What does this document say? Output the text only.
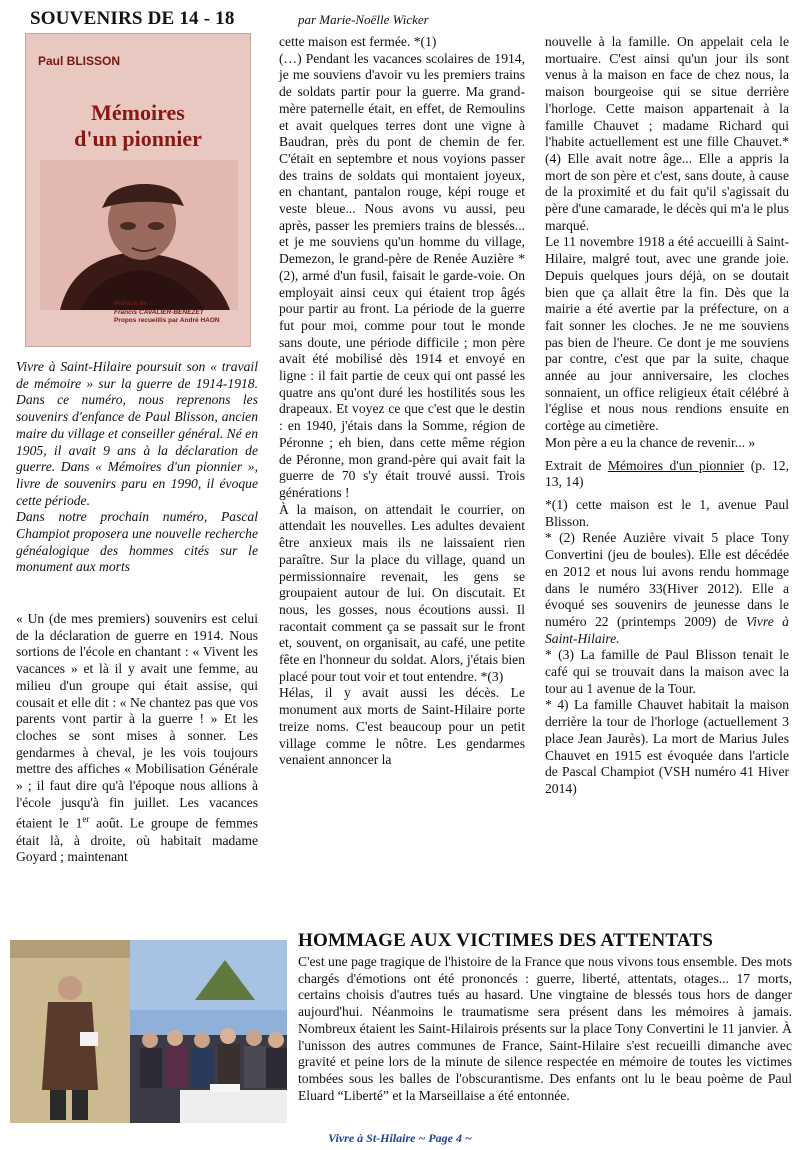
SOUVENIRS DE 14 - 18	par Marie-Noëlle Wicker
Paul BLISSON
Mémoires
d'un pionnier
Préface de :
Francis CAVALIER-BENEZET
Propos recueillis par André HAON

Vivre à Saint-Hilaire poursuit son « travail de mémoire » sur la guerre de 1914-1918. Dans ce numéro, nous reprenons les souvenirs d'enfance de Paul Blisson, ancien maire du village et conseiller général. Né en 1905, il avait 9 ans à la déclaration de guerre. Dans « Mémoires d'un pionnier », livre de souvenirs paru en 1990, il évoque cette période.

Dans notre prochain numéro, Pascal Champiot proposera une nouvelle recherche généalogique des hommes cités sur le monument aux morts

« Un (de mes premiers) souvenirs est celui de la déclaration de guerre en 1914. Nous sortions de l'école en chantant : « Vivent les vacances » et là il y avait une femme, au milieu d'un groupe qui était assise, qui cousait et elle dit : « Ne chantez pas que vos parents vont partir à la guerre ! » Et les cloches se sont mises à sonner. Les gendarmes à cheval, je les vois toujours mettre des affiches « Mobilisation Générale » ; il faut dire qu'à l'époque nous allions à l'école jusqu'à fin juillet. Les vacances étaient le 1er août. Le groupe de femmes était là, à droite, où habitait madame Goyard ; maintenant

cette maison est fermée. *(1)

(…) Pendant les vacances scolaires de 1914, je me souviens d'avoir vu les premiers trains de soldats partir pour la guerre. Ma grand-mère paternelle était, en effet, de Remoulins et avait quelques terres dont une vigne à Baudran, près du pont de chemin de fer. C'était en septembre et nous voyions passer des trains de soldats qui montaient joyeux, en chantant, pantalon rouge, képi rouge et veste bleue... Nous avons vu aussi, peu après, passer les premiers trains de blessés... et je me souviens qu'un homme du village, Demezon, le grand-père de Renée Auzière *(2), armé d'un fusil, faisait le garde-voie. On employait ainsi ceux qui étaient trop âgés pour partir au front. La période de la guerre fut pour moi, comme pour tout le monde sans doute, une période difficile ; mon père avait été mobilisé dès 1914 et envoyé en ligne : il fait partie de ceux qui ont passé les quatre ans qu'ont duré les hostilités sous les drapeaux. Et voyez ce que c'est que le destin : en 1940, j'étais dans la Somme, région de Péronne ; eh bien, dans cette même région de Péronne, mon grand-père qui avait fait la guerre de 70 s'y était trouvé aussi. Trois générations !

À la maison, on attendait le courrier, on attendait les nouvelles. Les adultes devaient être anxieux mais ils ne laissaient rien paraître. Sur la place du village, quand un permissionnaire revenait, les gens se groupaient autour de lui. On discutait. Et nous, les gosses, nous écoutions aussi. Il racontait comment ça se passait sur le front et, souvent, on organisait, au café, une petite fête en l'honneur du soldat. Alors, j'étais bien placé pour tout voir et tout entendre. *(3)

Hélas, il y avait aussi les décès. Le monument aux morts de Saint-Hilaire porte treize noms. C'est beaucoup pour un petit village comme le nôtre. Les gendarmes venaient annoncer la

nouvelle à la famille. On appelait cela le mortuaire. C'est ainsi qu'un jour ils sont venus à la maison en face de chez nous, la maison bourgeoise qui se situe derrière l'horloge. Cette maison appartenait à la famille Chauvet ; madame Richard qui l'habite actuellement est une fille Chauvet.* (4) Elle avait notre âge... Elle a appris la mort de son père et c'est, sans doute, à cause de la proximité et du fait qu'il s'agissait du père d'une camarade, le décès qui m'a le plus marqué.

Le 11 novembre 1918 a été accueilli à Saint-Hilaire, malgré tout, avec une grande joie. Depuis quelques jours déjà, on se doutait bien que ça allait être la fin. Dès que la mairie a été avertie par la préfecture, on a fait sonner les cloches. Je ne me souviens pas bien de l'heure. Ce dont je me souviens par contre, c'est que par la suite, chaque année au jour anniversaire, les cloches sonnaient, un office religieux était célébré à l'église et nous nous rendions ensuite en cortège au cimetière.

Mon père a eu la chance de revenir... »

Extrait de Mémoires d'un pionnier (p. 12, 13, 14)

*(1) cette maison est le 1, avenue Paul Blisson.

* (2) Renée Auzière vivait 5 place Tony Convertini (jeu de boules). Elle est décédée en 2012 et nous lui avons rendu hommage dans le numéro 33(Hiver 2012). Elle a évoqué ses souvenirs de jeunesse dans le numéro 22 (printemps 2009) de Vivre à Saint-Hilaire.

* (3) La famille de Paul Blisson tenait le café qui se trouvait dans la maison avec la tour au 1 avenue de la Tour.

* 4) La famille Chauvet habitait la maison derrière la tour de l'horloge (actuellement 3 place Jean Jaurès). La mort de Marius Jules Chauvet en 1915 est évoquée dans l'article de Pascal Champiot (VSH numéro 41 Hiver 2014)

HOMMAGE AUX VICTIMES DES ATTENTATS
C'est une page tragique de l'histoire de la France que nous vivons tous ensemble. Des mots chargés d'émotions ont été prononcés : guerre, liberté, attentats, otages... 17 morts, certains choisis d'autres tués au hasard. Une vingtaine de blessés tous hors de danger aujourd'hui. Néanmoins le traumatisme sera présent dans les mémoires à jamais. Nombreux étaient les Saint-Hilairois présents sur la place Tony Convertini le 11 janvier. À l'unisson des autres communes de France, Saint-Hilaire s'est recueilli dimanche avec gravité et peine lors de la minute de silence respectée en mémoire de toutes les victimes tombées sous les balles de l'obscurantisme. Des enfants ont lu le beau poème de Paul Eluard “Liberté” et la Marseillaise a été entonnée.
Vivre à St-Hilaire ~ Page 4 ~
